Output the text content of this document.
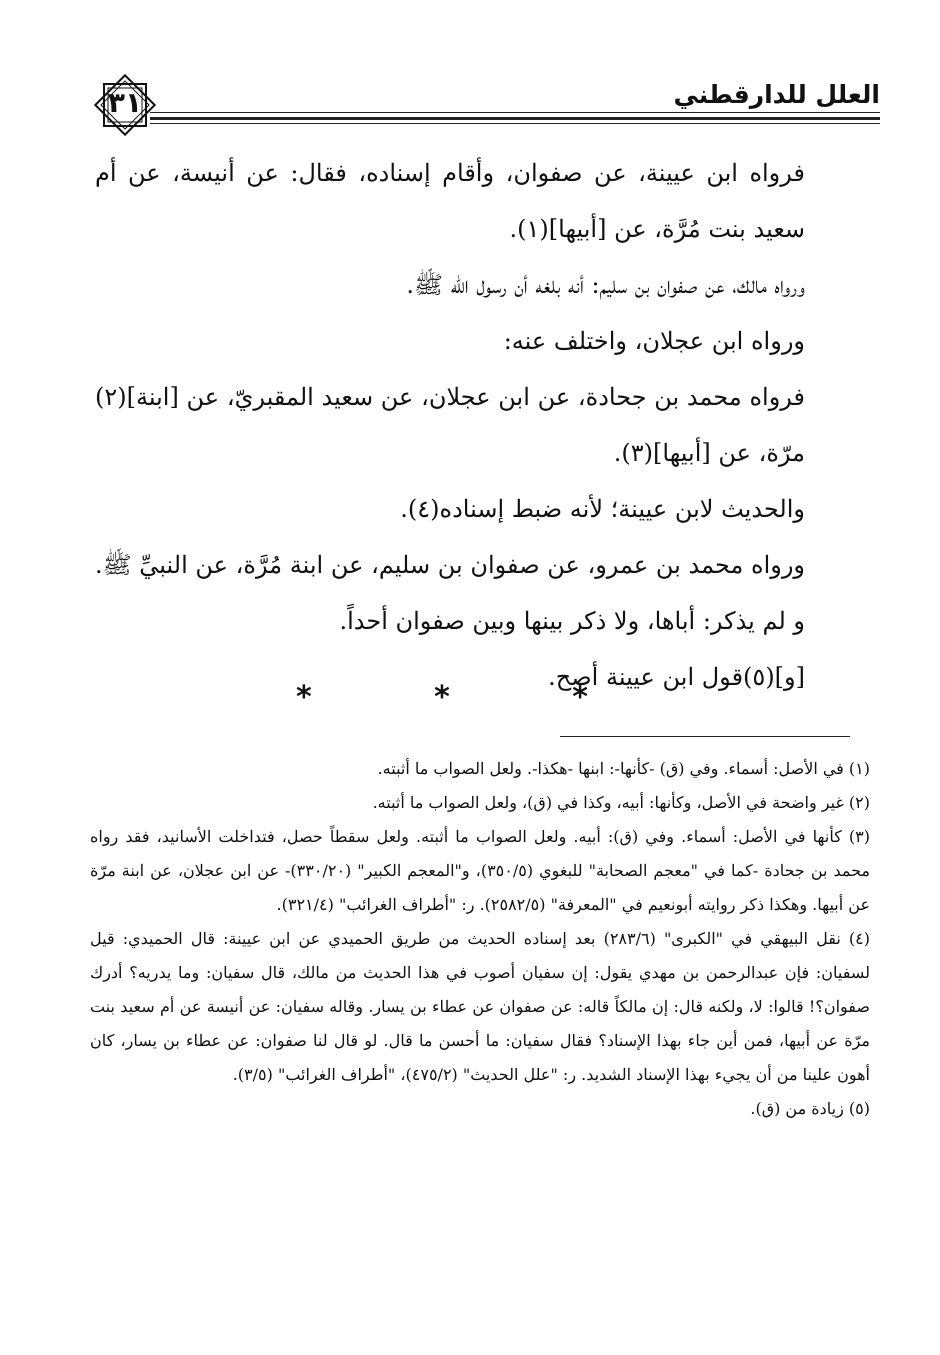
٣١	العلل للدارقطني

فرواه ابن عيينة، عن صفوان، وأقام إسناده، فقال: عن أنيسة، عن أم سعيد بنت مُرَّة، عن [أبيها](١).

ورواه مالك، عن صفوان بن سليم: أنه بلغه أن رسول الله ﷺ.

ورواه ابن عجلان، واختلف عنه:

فرواه محمد بن جحادة، عن ابن عجلان، عن سعيد المقبريّ، عن [ابنة](٢) مرّة، عن [أبيها](٣).

والحديث لابن عيينة؛ لأنه ضبط إسناده(٤).

ورواه محمد بن عمرو، عن صفوان بن سليم، عن ابنة مُرَّة، عن النبيِّ ﷺ. و لم يذكر: أباها، ولا ذكر بينها وبين صفوان أحداً.

[و](٥)قول ابن عيينة أصح.

* * *

(١) في الأصل: أسماء. وفي (ق) -كأنها-: ابنها -هكذا-. ولعل الصواب ما أثبته.

(٢) غير واضحة في الأصل، وكأنها: أبيه، وكذا في (ق)، ولعل الصواب ما أثبته.

(٣) كأنها في الأصل: أسماء. وفي (ق): أبيه. ولعل الصواب ما أثبته. ولعل سقطاً حصل، فتداخلت الأسانيد، فقد رواه محمد بن جحادة -كما في "معجم الصحابة" للبغوي (٣٥٠/٥)، و"المعجم الكبير" (٣٣٠/٢٠)- عن ابن عجلان، عن ابنة مرّة عن أبيها. وهكذا ذكر روايته أبونعيم في "المعرفة" (٢٥٨٢/٥). ر: "أطراف الغرائب" (٣٢١/٤).

(٤) نقل البيهقي في "الكبرى" (٢٨٣/٦) بعد إسناده الحديث من طريق الحميدي عن ابن عيينة: قال الحميدي: قيل لسفيان: فإن عبدالرحمن بن مهدي يقول: إن سفيان أصوب في هذا الحديث من مالك، قال سفيان: وما يدريه؟ أدرك صفوان؟! قالوا: لا، ولكنه قال: إن مالكاً قاله: عن صفوان عن عطاء بن يسار. وقاله سفيان: عن أنيسة عن أم سعيد بنت مرّة عن أبيها، فمن أين جاء بهذا الإسناد؟ فقال سفيان: ما أحسن ما قال. لو قال لنا صفوان: عن عطاء بن يسار، كان أهون علينا من أن يجيء بهذا الإسناد الشديد. ر: "علل الحديث" (٤٧٥/٢)، "أطراف الغرائب" (٣/٥).

(٥) زيادة من (ق).
